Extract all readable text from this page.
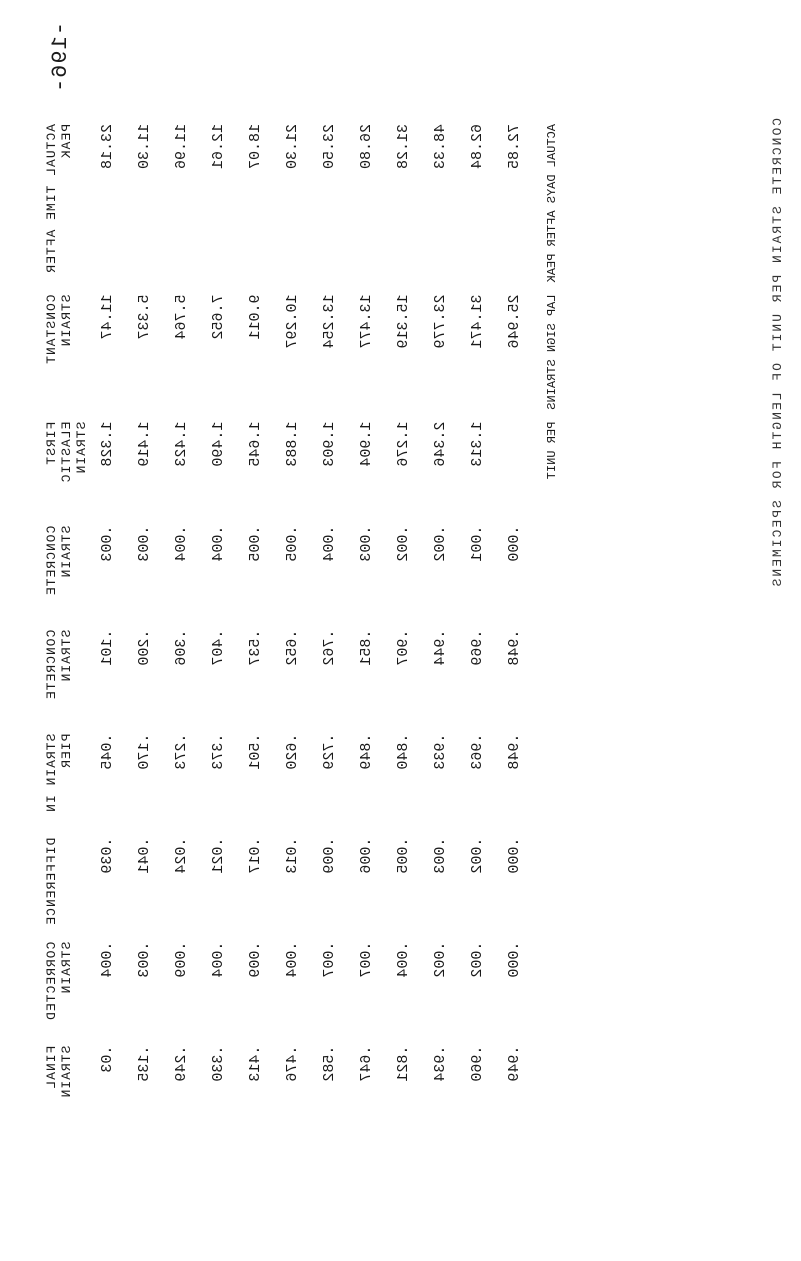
-196-
ACTUAL TIME AFTER PEAK	CONSTANT STRAIN	FIRST ELASTIC STRAIN	CONCRETE STRAIN	CONCRETE STRAIN	STRAIN IN PIER	DIFFERENCE	CORRECTED STRAIN	FINAL STRAIN
23.18	11.47	1.328	.003	.101	.045	.039	.004	.03
11.30	5.337	1.419	.003	.200	.170	.041	.003	.135
11.96	5.764	1.423	.004	.306	.273	.024	.009	.249
12.61	7.652	1.490	.004	.407	.373	.021	.004	.330
18.07	9.011	1.645	.005	.537	.501	.017	.009	.413
21.30	10.297	1.883	.005	.652	.620	.013	.004	.476
23.50	13.254	1.903	.004	.762	.729	.009	.007	.582
26.80	13.477	1.904	.003	.851	.849	.006	.007	.647
31.28	15.319	1.276	.002	.907	.840	.005	.004	.821
48.33	23.779	2.346	.002	.944	.933	.003	.002	.934
62.84	31.471	1.313	.001	.969	.963	.002	.002	.960
72.85	25.946		.000	.948	.948	.000	.000	.949
ACTUAL DAYS AFTER PEAK	LAP SIGN STRAINS	PER UNIT							CONCRETE STRAIN PER UNIT OF LENGTH FOR SPECIMENS
